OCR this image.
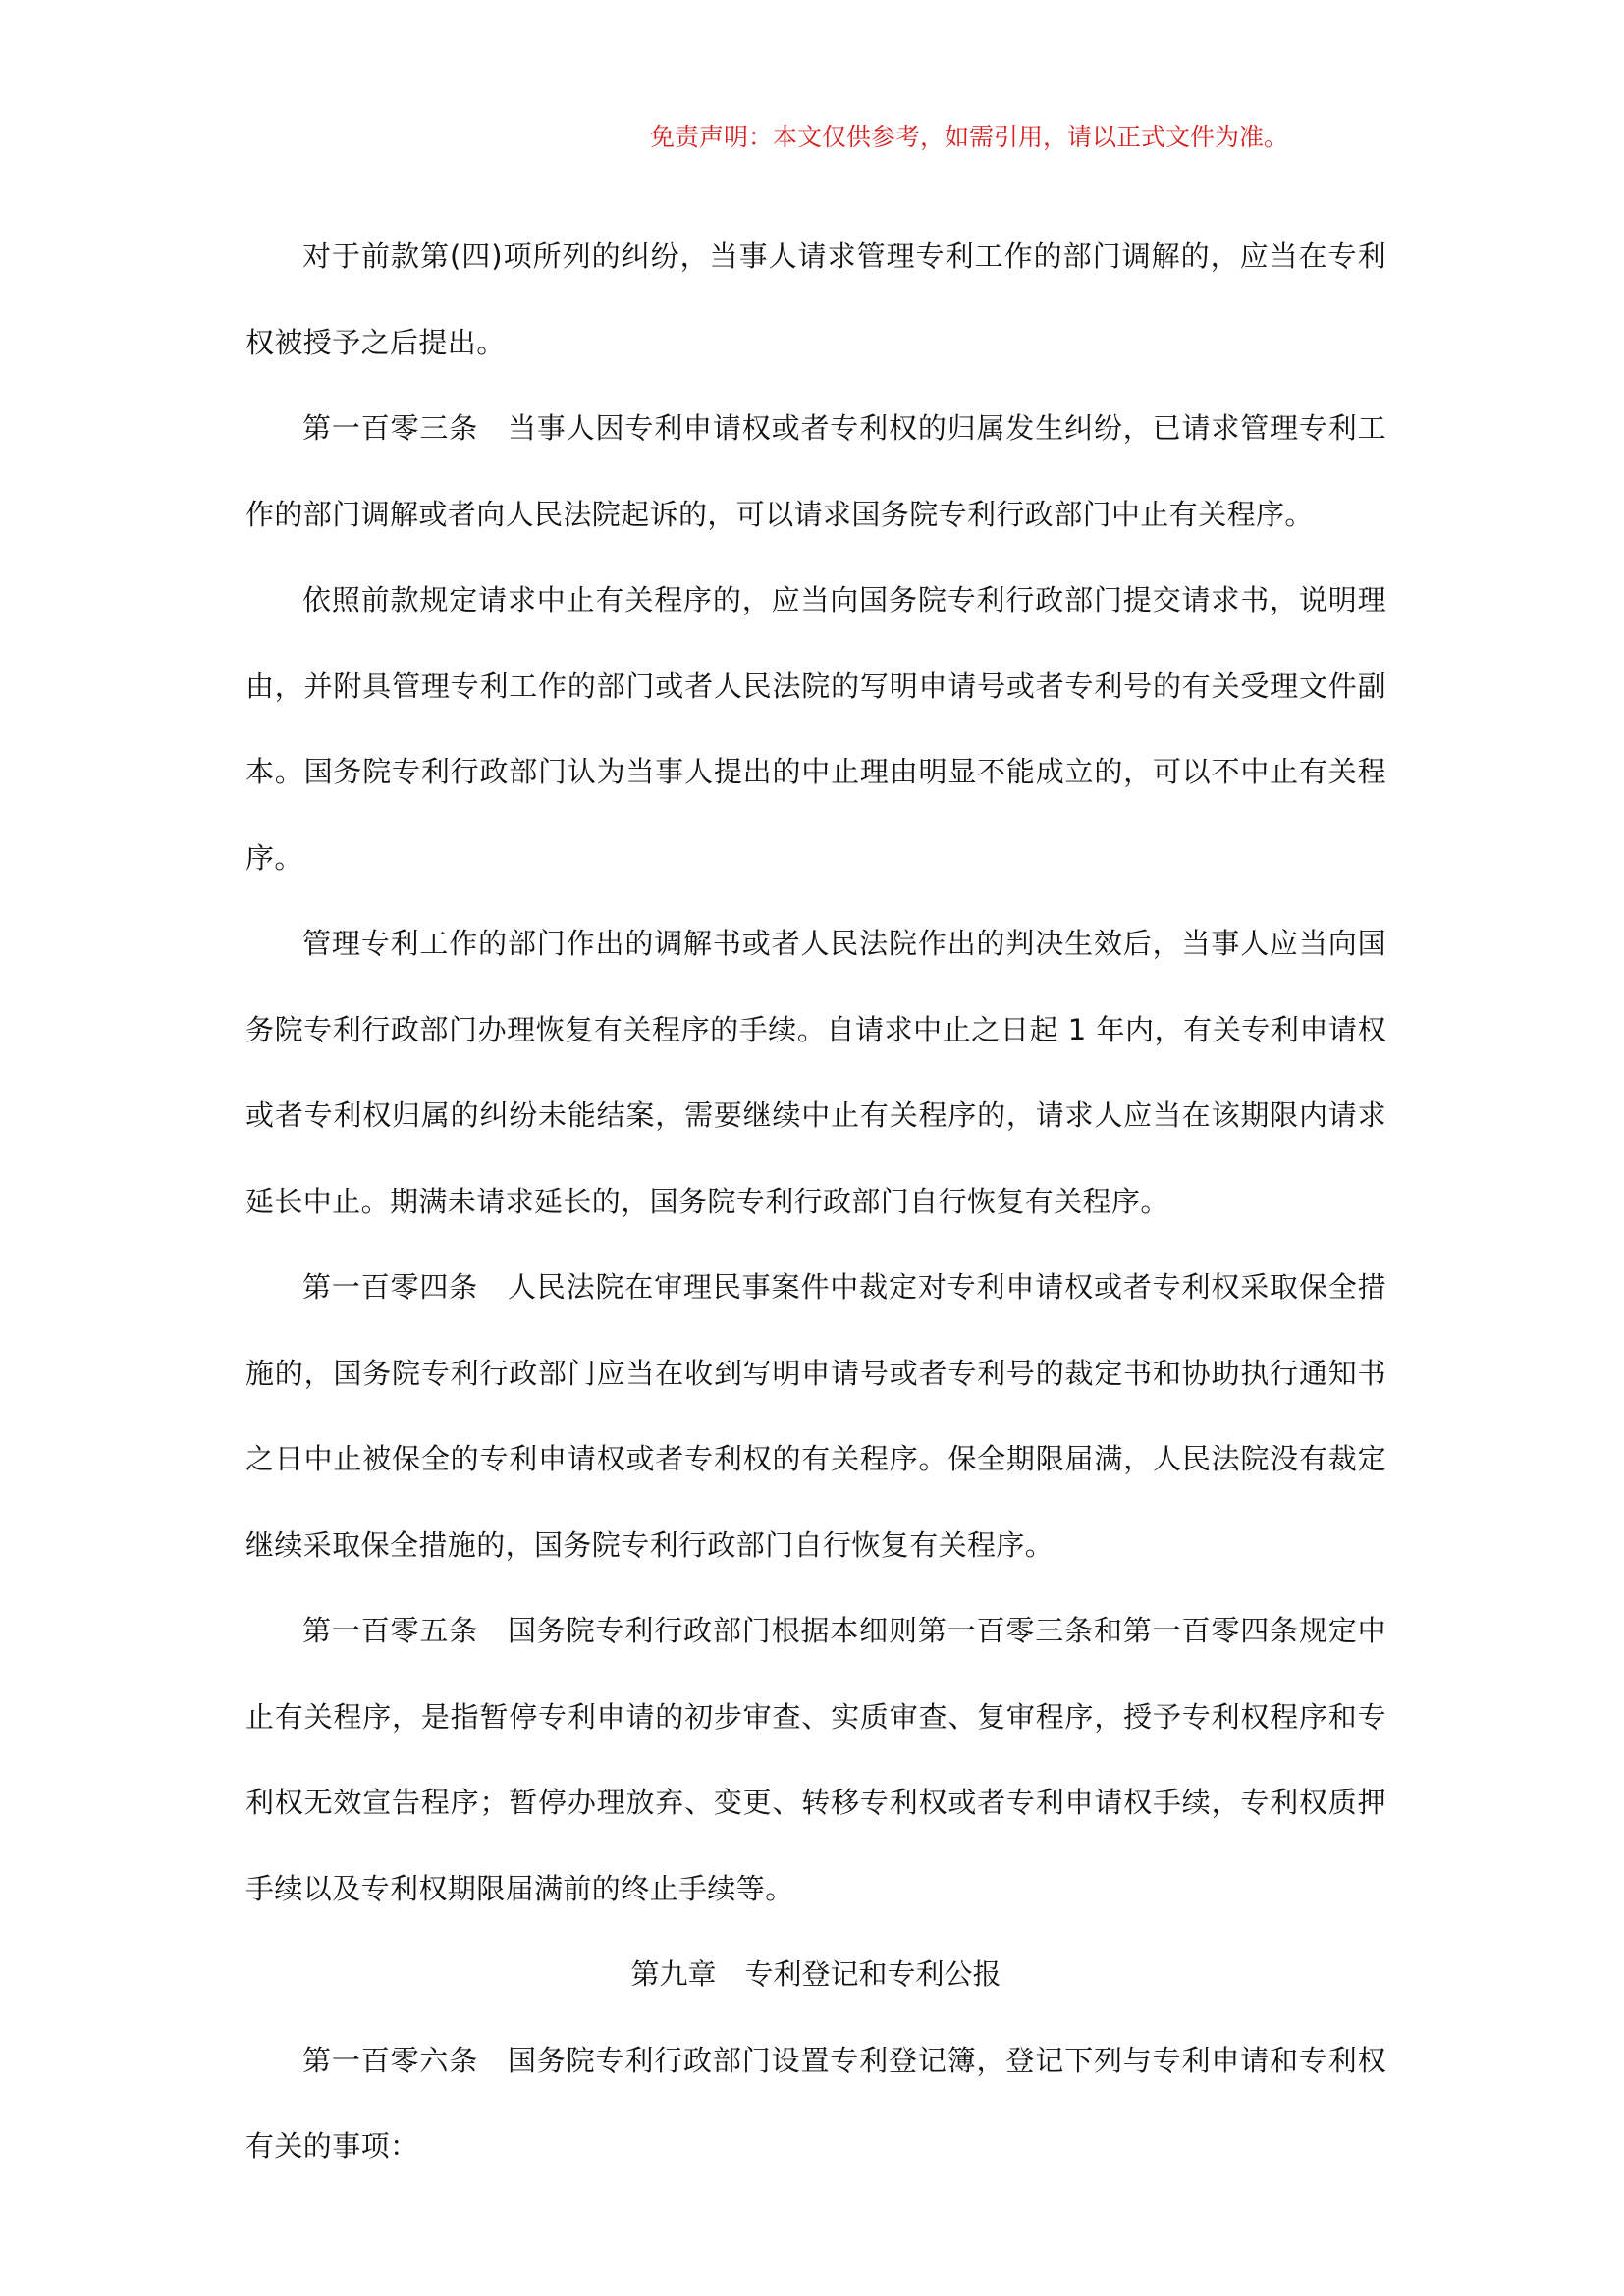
免责声明：本文仅供参考，如需引用，请以正式文件为准。

对于前款第(四)项所列的纠纷，当事人请求管理专利工作的部门调解的，应当在专利权被授予之后提出。

第一百零三条　当事人因专利申请权或者专利权的归属发生纠纷，已请求管理专利工作的部门调解或者向人民法院起诉的，可以请求国务院专利行政部门中止有关程序。

依照前款规定请求中止有关程序的，应当向国务院专利行政部门提交请求书，说明理由，并附具管理专利工作的部门或者人民法院的写明申请号或者专利号的有关受理文件副本。国务院专利行政部门认为当事人提出的中止理由明显不能成立的，可以不中止有关程序。

管理专利工作的部门作出的调解书或者人民法院作出的判决生效后，当事人应当向国务院专利行政部门办理恢复有关程序的手续。自请求中止之日起 1 年内，有关专利申请权或者专利权归属的纠纷未能结案，需要继续中止有关程序的，请求人应当在该期限内请求延长中止。期满未请求延长的，国务院专利行政部门自行恢复有关程序。

第一百零四条　人民法院在审理民事案件中裁定对专利申请权或者专利权采取保全措施的，国务院专利行政部门应当在收到写明申请号或者专利号的裁定书和协助执行通知书之日中止被保全的专利申请权或者专利权的有关程序。保全期限届满，人民法院没有裁定继续采取保全措施的，国务院专利行政部门自行恢复有关程序。

第一百零五条　国务院专利行政部门根据本细则第一百零三条和第一百零四条规定中止有关程序，是指暂停专利申请的初步审查、实质审查、复审程序，授予专利权程序和专利权无效宣告程序；暂停办理放弃、变更、转移专利权或者专利申请权手续，专利权质押手续以及专利权期限届满前的终止手续等。

第九章　专利登记和专利公报

第一百零六条　国务院专利行政部门设置专利登记簿，登记下列与专利申请和专利权有关的事项：
